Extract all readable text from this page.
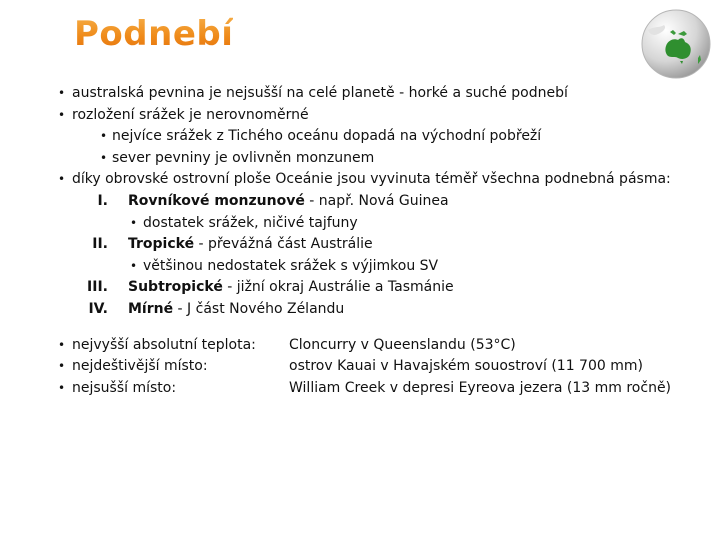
Podnebí
• australská pevnina je nejsušší na celé planetě - horké a suché podnebí
• rozložení srážek je nerovnoměrné
• nejvíce srážek z Tichého oceánu dopadá na východní pobřeží
• sever pevniny je ovlivněn monzunem
• díky obrovské ostrovní ploše Oceánie jsou vyvinuta téměř všechna podnebná pásma:
I. Rovníkové monzunové - např. Nová Guinea
• dostatek srážek, ničivé tajfuny
II. Tropické - převážná část Austrálie
• většinou nedostatek srážek s výjimkou SV
III. Subtropické - jižní okraj Austrálie a Tasmánie
IV. Mírné - J část Nového Zélandu
• nejvyšší absolutní teplota: Cloncurry v Queenslandu (53°C)
• nejdeštivější místo:	ostrov Kauai v Havajském souostroví (11 700 mm)
• nejsušší místo:	William Creek v depresi Eyreova jezera (13 mm ročně)
